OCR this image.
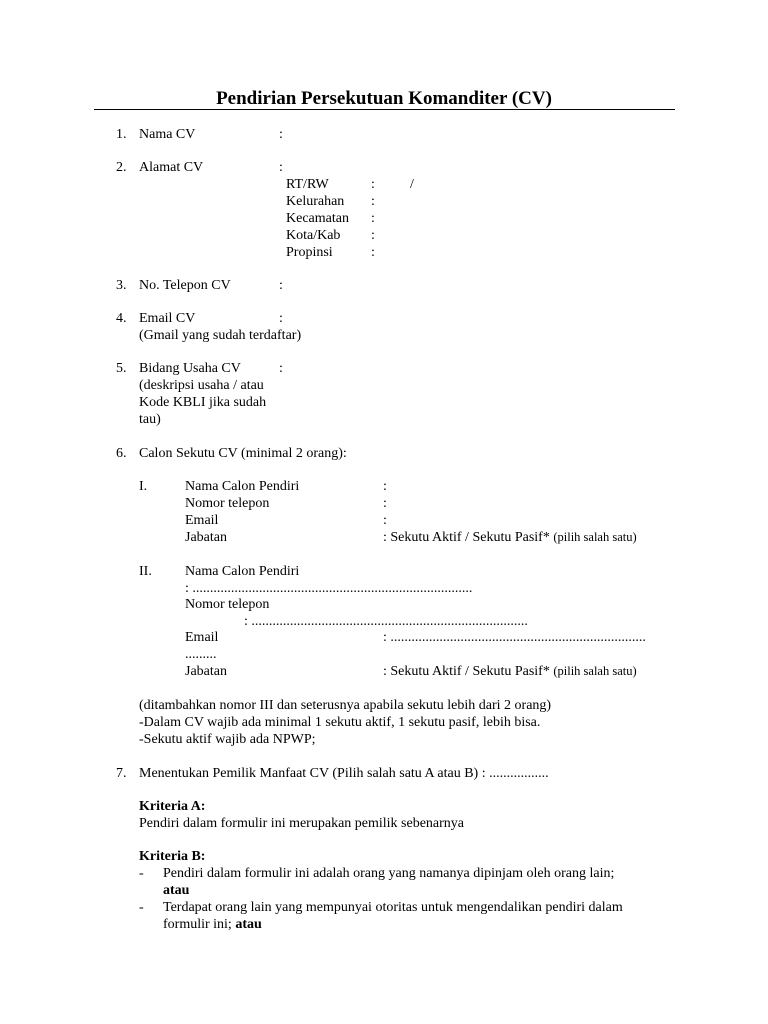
Pendirian Persekutuan Komanditer (CV)
1. Nama CV	:
2. Alamat CV	:
RT/RW	:	/
Kelurahan :
Kecamatan :
Kota/Kab :
Propinsi	:
3. No. Telepon CV	:
4. Email CV	:
(Gmail yang sudah terdaftar)
5. Bidang Usaha CV	:
(deskripsi usaha / atau
Kode KBLI jika sudah
tau)
6. Calon Sekutu CV (minimal 2 orang):
I.	Nama Calon Pendiri	:
Nomor telepon	:
Email	:
Jabatan	: Sekutu Aktif / Sekutu Pasif* (pilih salah satu)
II. Nama Calon Pendiri
: ................................................................................
Nomor telepon
: ...............................................................................
Email	: .........................................................................
.........
Jabatan	: Sekutu Aktif / Sekutu Pasif* (pilih salah satu)
(ditambahkan nomor III dan seterusnya apabila sekutu lebih dari 2 orang)
-Dalam CV wajib ada minimal 1 sekutu aktif, 1 sekutu pasif, lebih bisa.
-Sekutu aktif wajib ada NPWP;
7. Menentukan Pemilik Manfaat CV (Pilih salah satu A atau B) : .................
Kriteria A:
Pendiri dalam formulir ini merupakan pemilik sebenarnya
Kriteria B:
- Pendiri dalam formulir ini adalah orang yang namanya dipinjam oleh orang lain;
atau
- Terdapat orang lain yang mempunyai otoritas untuk mengendalikan pendiri dalam
formulir ini; atau
